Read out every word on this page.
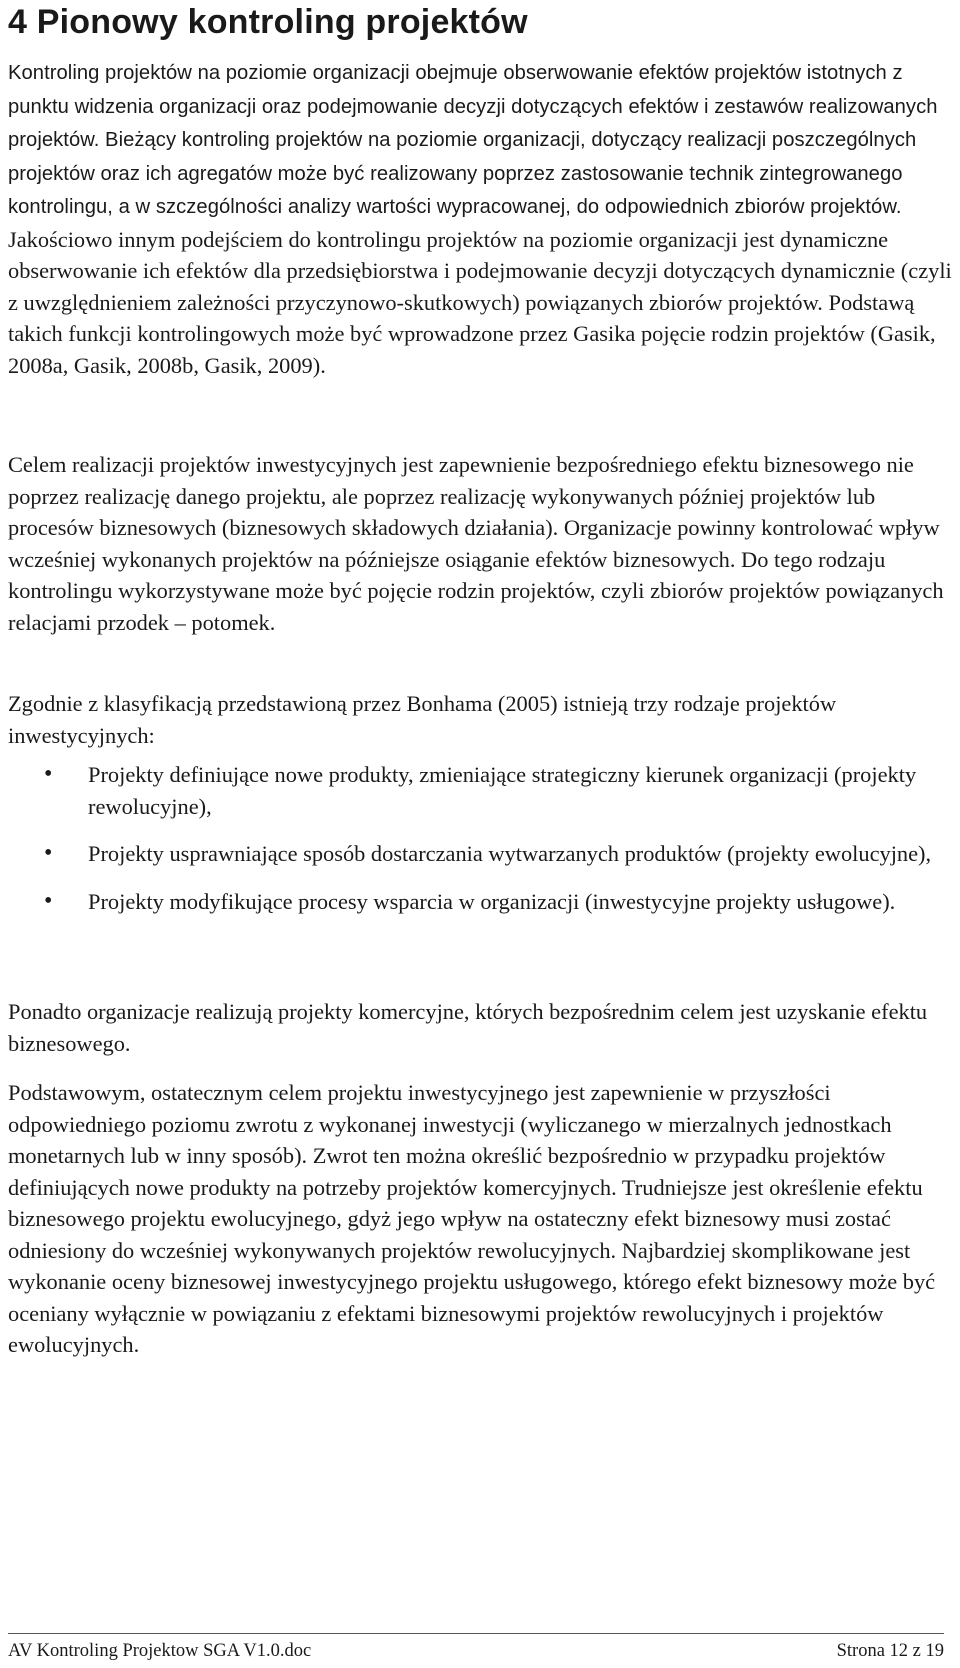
4 Pionowy kontroling projektów

Kontroling projektów na poziomie organizacji obejmuje obserwowanie efektów projektów istotnych z punktu widzenia organizacji oraz podejmowanie decyzji dotyczących efektów i zestawów realizowanych projektów. Bieżący kontroling projektów na poziomie organizacji, dotyczący realizacji poszczególnych projektów oraz ich agregatów może być realizowany poprzez zastosowanie technik zintegrowanego kontrolingu, a w szczególności analizy wartości wypracowanej, do odpowiednich zbiorów projektów. Jakościowo innym podejściem do kontrolingu projektów na poziomie organizacji jest dynamiczne obserwowanie ich efektów dla przedsiębiorstwa i podejmowanie decyzji dotyczących dynamicznie (czyli z uwzględnieniem zależności przyczynowo-skutkowych) powiązanych zbiorów projektów. Podstawą takich funkcji kontrolingowych może być wprowadzone przez Gasika pojęcie rodzin projektów (Gasik, 2008a, Gasik, 2008b, Gasik, 2009).

Celem realizacji projektów inwestycyjnych jest zapewnienie bezpośredniego efektu biznesowego nie poprzez realizację danego projektu, ale poprzez realizację wykonywanych później projektów lub procesów biznesowych (biznesowych składowych działania). Organizacje powinny kontrolować wpływ wcześniej wykonanych projektów na późniejsze osiąganie efektów biznesowych. Do tego rodzaju kontrolingu wykorzystywane może być pojęcie rodzin projektów, czyli zbiorów projektów powiązanych relacjami przodek – potomek.

Zgodnie z klasyfikacją przedstawioną przez Bonhama (2005) istnieją trzy rodzaje projektów inwestycyjnych:

• Projekty definiujące nowe produkty, zmieniające strategiczny kierunek organizacji (projekty rewolucyjne),
• Projekty usprawniające sposób dostarczania wytwarzanych produktów (projekty ewolucyjne),
• Projekty modyfikujące procesy wsparcia w organizacji (inwestycyjne projekty usługowe).

Ponadto organizacje realizują projekty komercyjne, których bezpośrednim celem jest uzyskanie efektu biznesowego.

Podstawowym, ostatecznym celem projektu inwestycyjnego jest zapewnienie w przyszłości odpowiedniego poziomu zwrotu z wykonanej inwestycji (wyliczanego w mierzalnych jednostkach monetarnych lub w inny sposób). Zwrot ten można określić bezpośrednio w przypadku projektów definiujących nowe produkty na potrzeby projektów komercyjnych. Trudniejsze jest określenie efektu biznesowego projektu ewolucyjnego, gdyż jego wpływ na ostateczny efekt biznesowy musi zostać odniesiony do wcześniej wykonywanych projektów rewolucyjnych. Najbardziej skomplikowane jest wykonanie oceny biznesowej inwestycyjnego projektu usługowego, którego efekt biznesowy może być oceniany wyłącznie w powiązaniu z efektami biznesowymi projektów rewolucyjnych i projektów ewolucyjnych.

AV Kontroling Projektow SGA V1.0.doc	Strona 12 z 19
